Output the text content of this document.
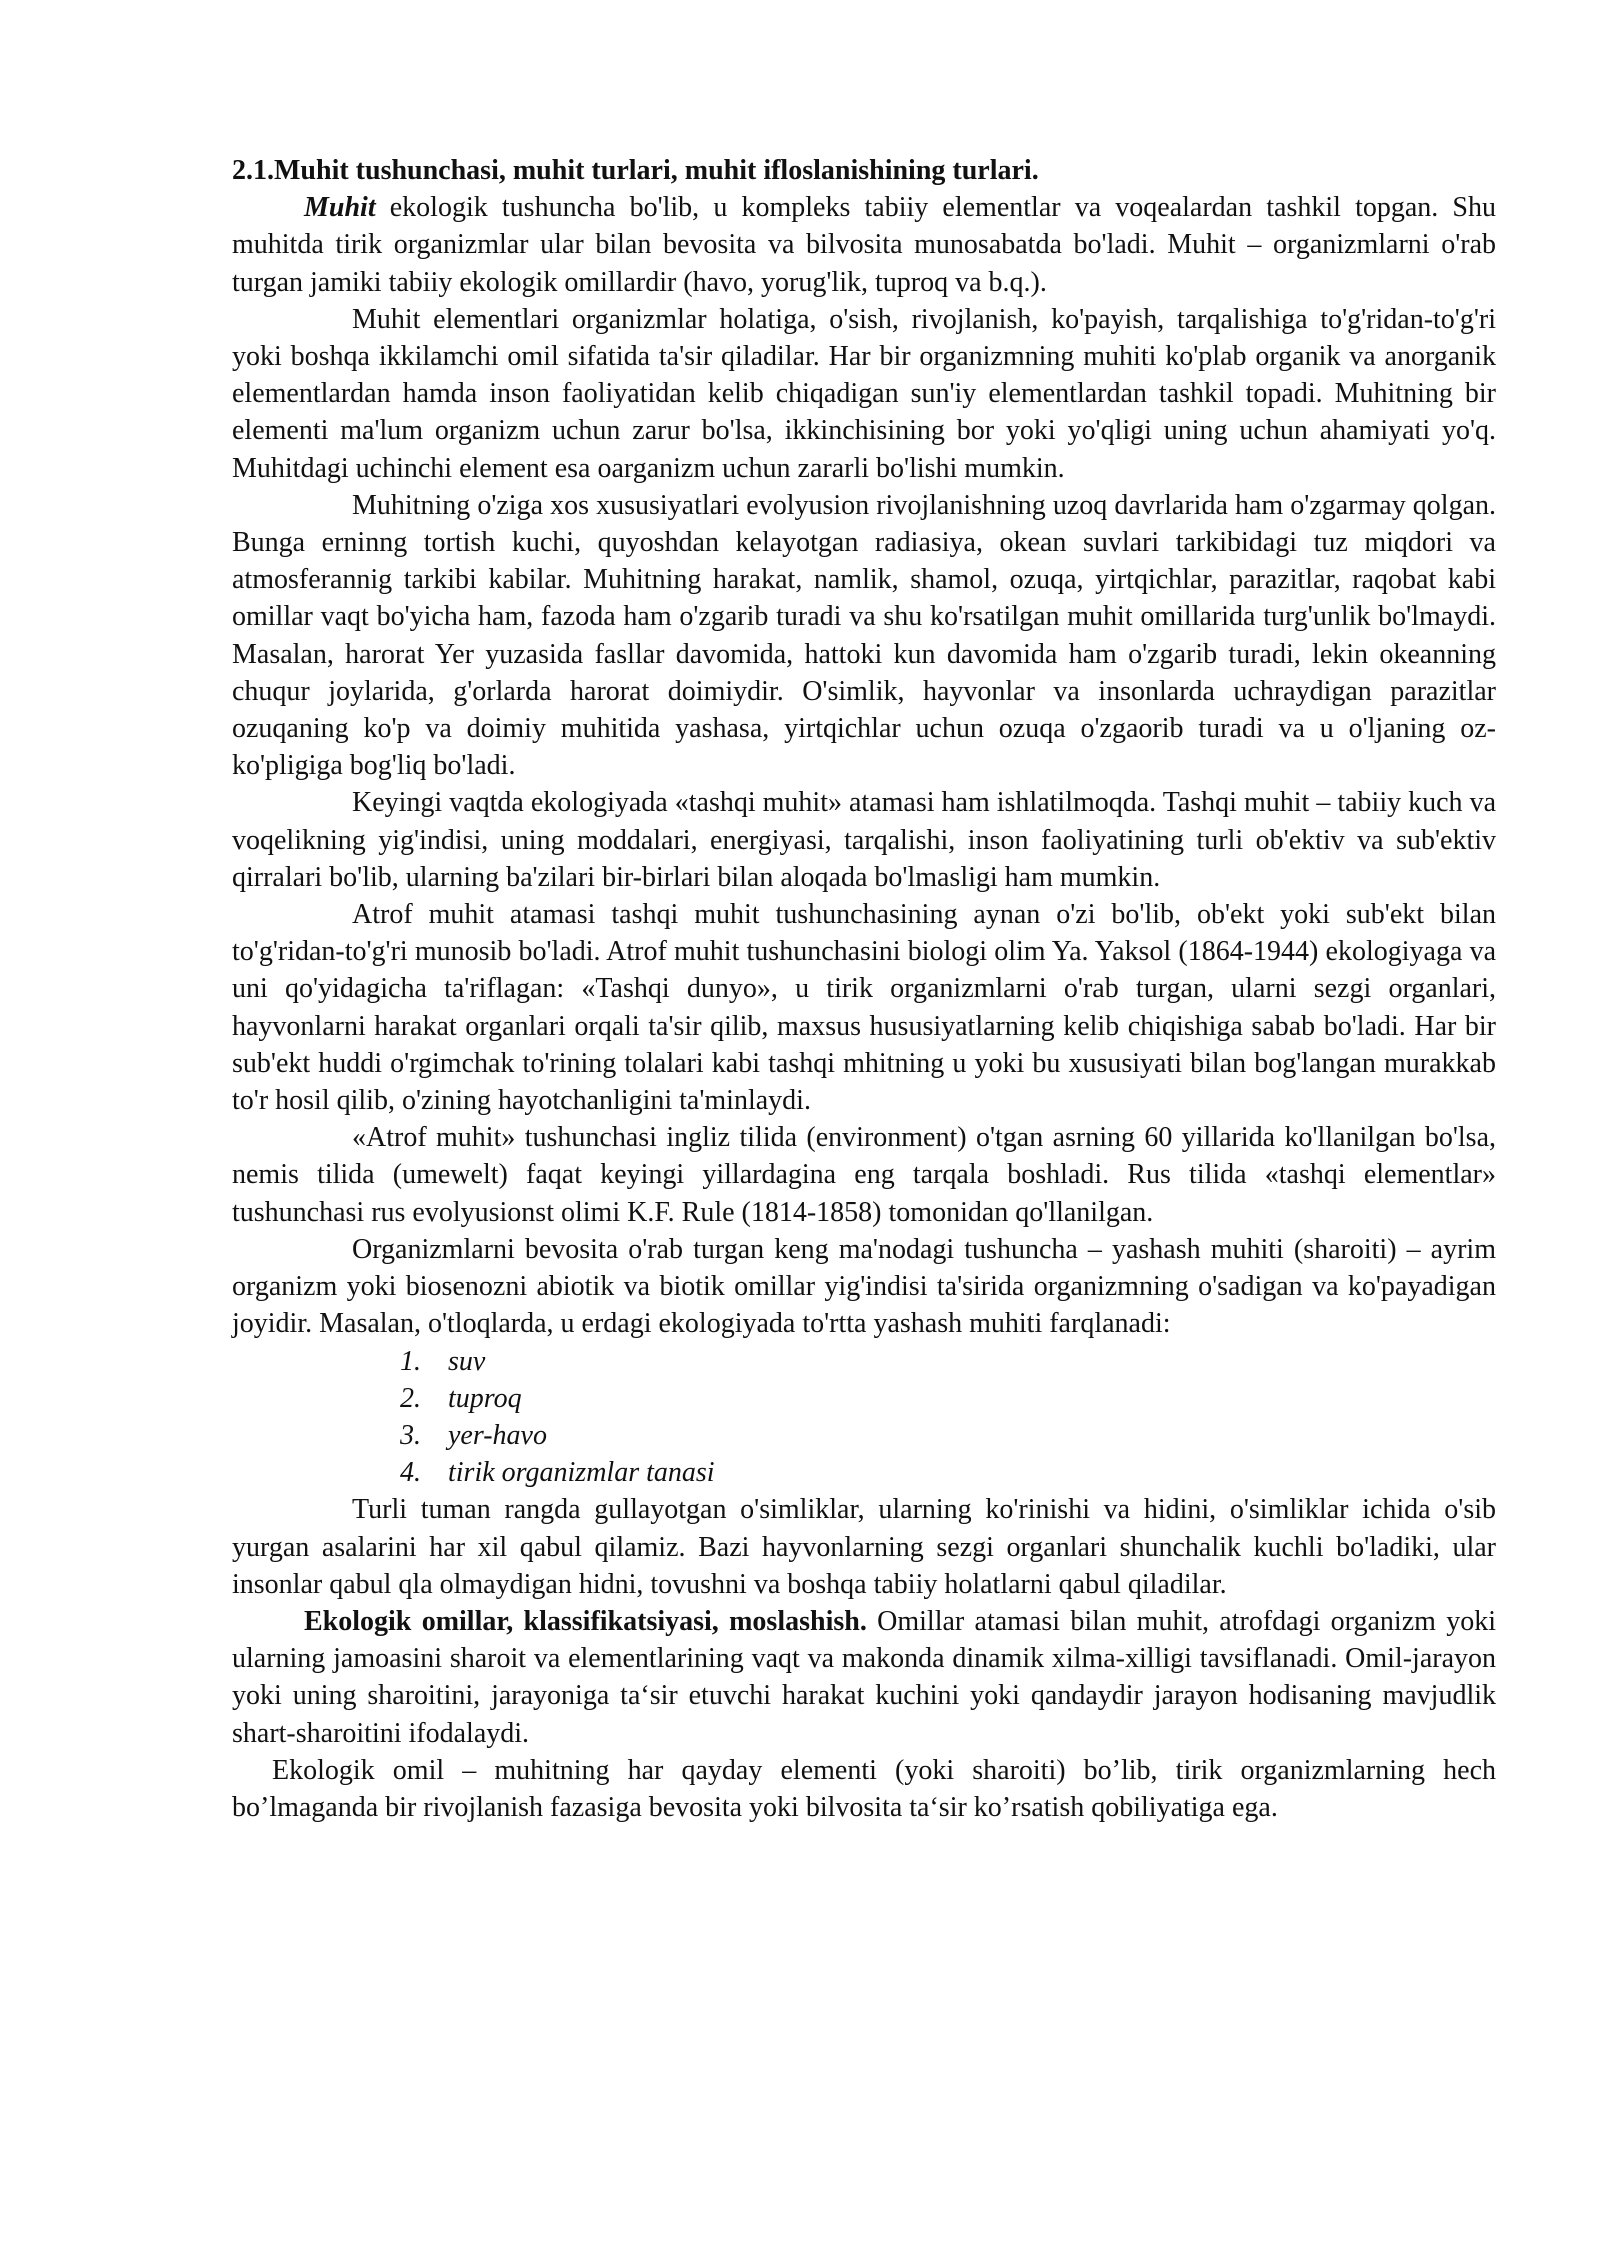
2.1.Muhit tushunchasi, muhit turlari, muhit ifloslanishining turlari.

Muhit ekologik tushuncha bo'lib, u kompleks tabiiy elementlar va voqealardan tashkil topgan. Shu muhitda tirik organizmlar ular bilan bevosita va bilvosita munosabatda bo'ladi. Muhit – organizmlarni o'rab turgan jamiki tabiiy ekologik omillardir (havo, yorug'lik, tuproq va b.q.).

Muhit elementlari organizmlar holatiga, o'sish, rivojlanish, ko'payish, tarqalishiga to'g'ridan-to'g'ri yoki boshqa ikkilamchi omil sifatida ta'sir qiladilar. Har bir organizmning muhiti ko'plab organik va anorganik elementlardan hamda inson faoliyatidan kelib chiqadigan sun'iy elementlardan tashkil topadi. Muhitning bir elementi ma'lum organizm uchun zarur bo'lsa, ikkinchisining bor yoki yo'qligi uning uchun ahamiyati yo'q. Muhitdagi uchinchi element esa oarganizm uchun zararli bo'lishi mumkin.

Muhitning o'ziga xos xususiyatlari evolyusion rivojlanishning uzoq davrlarida ham o'zgarmay qolgan. Bunga erninng tortish kuchi, quyoshdan kelayotgan radiasiya, okean suvlari tarkibidagi tuz miqdori va atmosferannig tarkibi kabilar. Muhitning harakat, namlik, shamol, ozuqa, yirtqichlar, parazitlar, raqobat kabi omillar vaqt bo'yicha ham, fazoda ham o'zgarib turadi va shu ko'rsatilgan muhit omillarida turg'unlik bo'lmaydi. Masalan, harorat Yer yuzasida fasllar davomida, hattoki kun davomida ham o'zgarib turadi, lekin okeanning chuqur joylarida, g'orlarda harorat doimiydir. O'simlik, hayvonlar va insonlarda uchraydigan parazitlar ozuqaning ko'p va doimiy muhitida yashasa, yirtqichlar uchun ozuqa o'zgaorib turadi va u o'ljaning oz-ko'pligiga bog'liq bo'ladi.

Keyingi vaqtda ekologiyada «tashqi muhit» atamasi ham ishlatilmoqda. Tashqi muhit – tabiiy kuch va voqelikning yig'indisi, uning moddalari, energiyasi, tarqalishi, inson faoliyatining turli ob'ektiv va sub'ektiv qirralari bo'lib, ularning ba'zilari bir-birlari bilan aloqada bo'lmasligi ham mumkin.

Atrof muhit atamasi tashqi muhit tushunchasining aynan o'zi bo'lib, ob'ekt yoki sub'ekt bilan to'g'ridan-to'g'ri munosib bo'ladi. Atrof muhit tushunchasini biologi olim Ya. Yaksol (1864-1944) ekologiyaga va uni qo'yidagicha ta'riflagan: «Tashqi dunyo», u tirik organizmlarni o'rab turgan, ularni sezgi organlari, hayvonlarni harakat organlari orqali ta'sir qilib, maxsus hususiyatlarning kelib chiqishiga sabab bo'ladi. Har bir sub'ekt huddi o'rgimchak to'rining tolalari kabi tashqi mhitning u yoki bu xususiyati bilan bog'langan murakkab to'r hosil qilib, o'zining hayotchanligini ta'minlaydi.

«Atrof muhit» tushunchasi ingliz tilida (environment) o'tgan asrning 60 yillarida ko'llanilgan bo'lsa, nemis tilida (umewelt) faqat keyingi yillardagina eng tarqala boshladi. Rus tilida «tashqi elementlar» tushunchasi rus evolyusionst olimi K.F. Rule (1814-1858) tomonidan qo'llanilgan.

Organizmlarni bevosita o'rab turgan keng ma'nodagi tushuncha – yashash muhiti (sharoiti) – ayrim organizm yoki biosenozni abiotik va biotik omillar yig'indisi ta'sirida organizmning o'sadigan va ko'payadigan joyidir. Masalan, o'tloqlarda, u erdagi ekologiyada to'rtta yashash muhiti farqlanadi:

1. suv
2. tuproq
3. yer-havo
4. tirik organizmlar tanasi

Turli tuman rangda gullayotgan o'simliklar, ularning ko'rinishi va hidini, o'simliklar ichida o'sib yurgan asalarini har xil qabul qilamiz. Bazi hayvonlarning sezgi organlari shunchalik kuchli bo'ladiki, ular insonlar qabul qla olmaydigan hidni, tovushni va boshqa tabiiy holatlarni qabul qiladilar.

Ekologik omillar, klassifikatsiyasi, moslashish. Omillar atamasi bilan muhit, atrofdagi organizm yoki ularning jamoasini sharoit va elementlarining vaqt va makonda dinamik xilma-xilligi tavsiflanadi. Omil-jarayon yoki uning sharoitini, jarayoniga ta‘sir etuvchi harakat kuchini yoki qandaydir jarayon hodisaning mavjudlik shart-sharoitini ifodalaydi.

Ekologik omil – muhitning har qayday elementi (yoki sharoiti) bo’lib, tirik organizmlarning hech bo’lmaganda bir rivojlanish fazasiga bevosita yoki bilvosita ta‘sir ko’rsatish qobiliyatiga ega.
